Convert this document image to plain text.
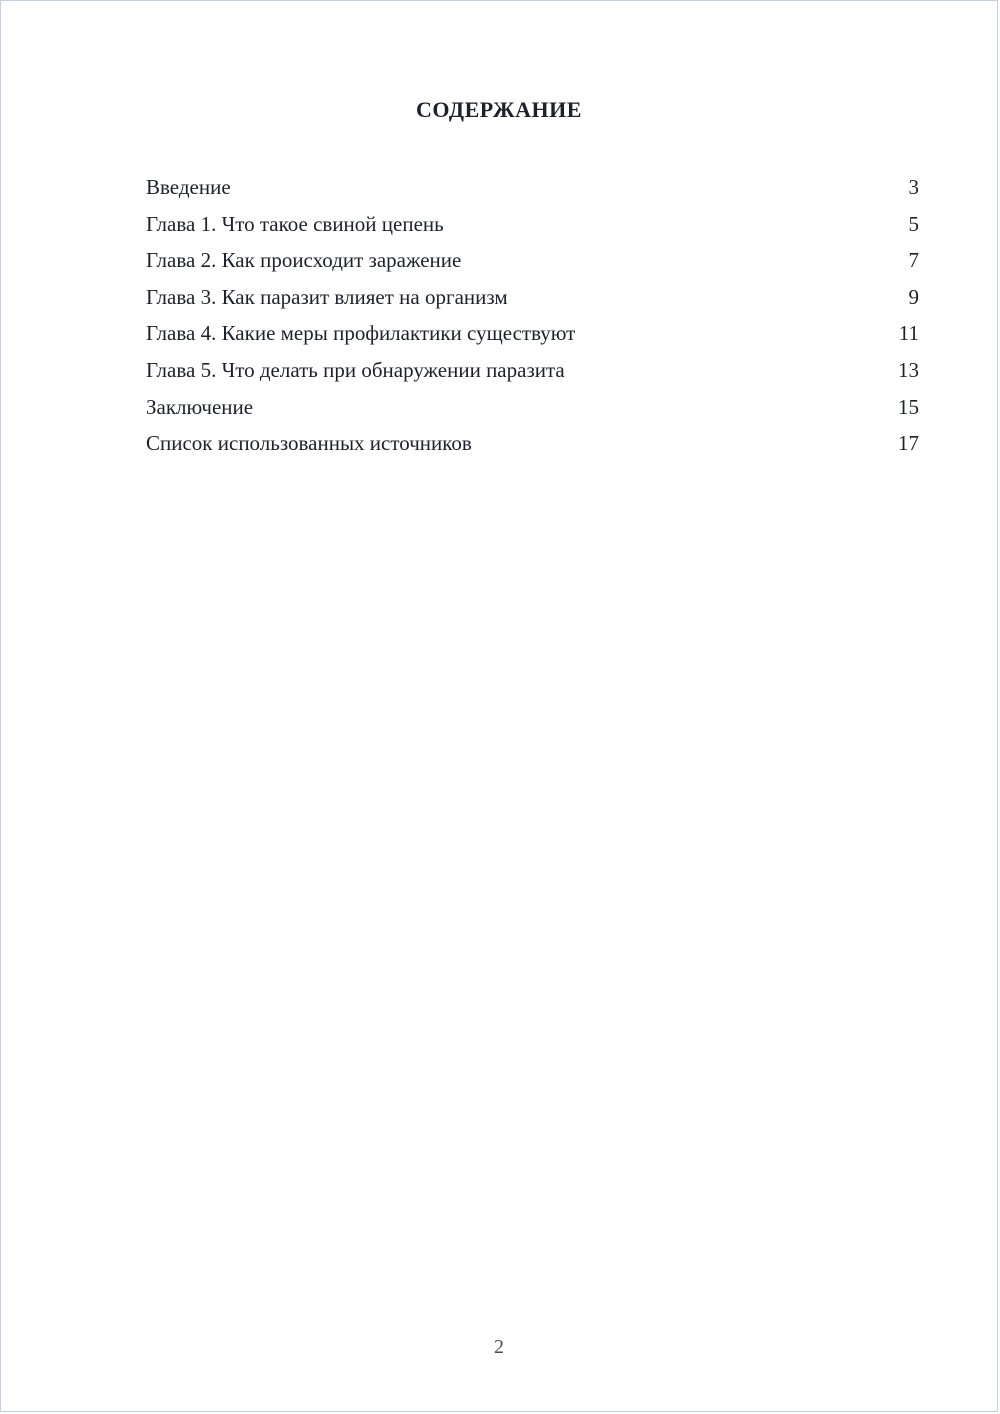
СОДЕРЖАНИЕ
Введение	3
Глава 1. Что такое свиной цепень	5
Глава 2. Как происходит заражение	7
Глава 3. Как паразит влияет на организм	9
Глава 4. Какие меры профилактики существуют	11
Глава 5. Что делать при обнаружении паразита	13
Заключение	15
Список использованных источников	17
2
